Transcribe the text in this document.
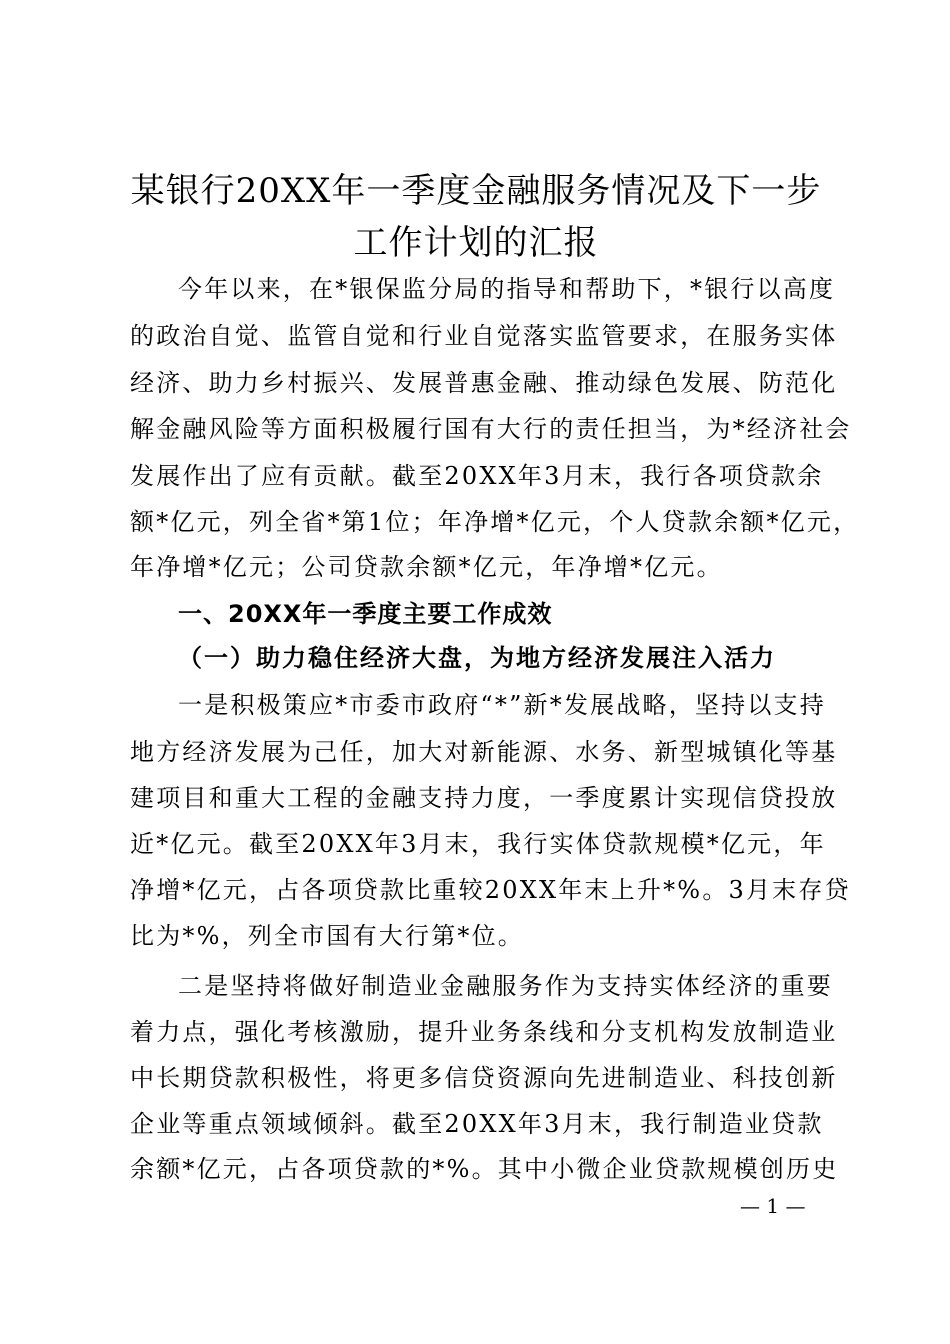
某银行20XX年一季度金融服务情况及下一步
工作计划的汇报
今年以来，在*银保监分局的指导和帮助下，*银行以高度
的政治自觉、监管自觉和行业自觉落实监管要求，在服务实体
经济、助力乡村振兴、发展普惠金融、推动绿色发展、防范化
解金融风险等方面积极履行国有大行的责任担当，为*经济社会
发展作出了应有贡献。截至20XX年3月末，我行各项贷款余
额*亿元，列全省*第1位；年净增*亿元，个人贷款余额*亿元，
年净增*亿元；公司贷款余额*亿元，年净增*亿元。
一、20XX年一季度主要工作成效
（一）助力稳住经济大盘，为地方经济发展注入活力
一是积极策应*市委市政府“*”新*发展战略，坚持以支持
地方经济发展为己任，加大对新能源、水务、新型城镇化等基
建项目和重大工程的金融支持力度，一季度累计实现信贷投放
近*亿元。截至20XX年3月末，我行实体贷款规模*亿元，年
净增*亿元，占各项贷款比重较20XX年末上升*%。3月末存贷
比为*%，列全市国有大行第*位。
二是坚持将做好制造业金融服务作为支持实体经济的重要
着力点，强化考核激励，提升业务条线和分支机构发放制造业
中长期贷款积极性，将更多信贷资源向先进制造业、科技创新
企业等重点领域倾斜。截至20XX年3月末，我行制造业贷款
余额*亿元，占各项贷款的*%。其中小微企业贷款规模创历史
— 1 —
